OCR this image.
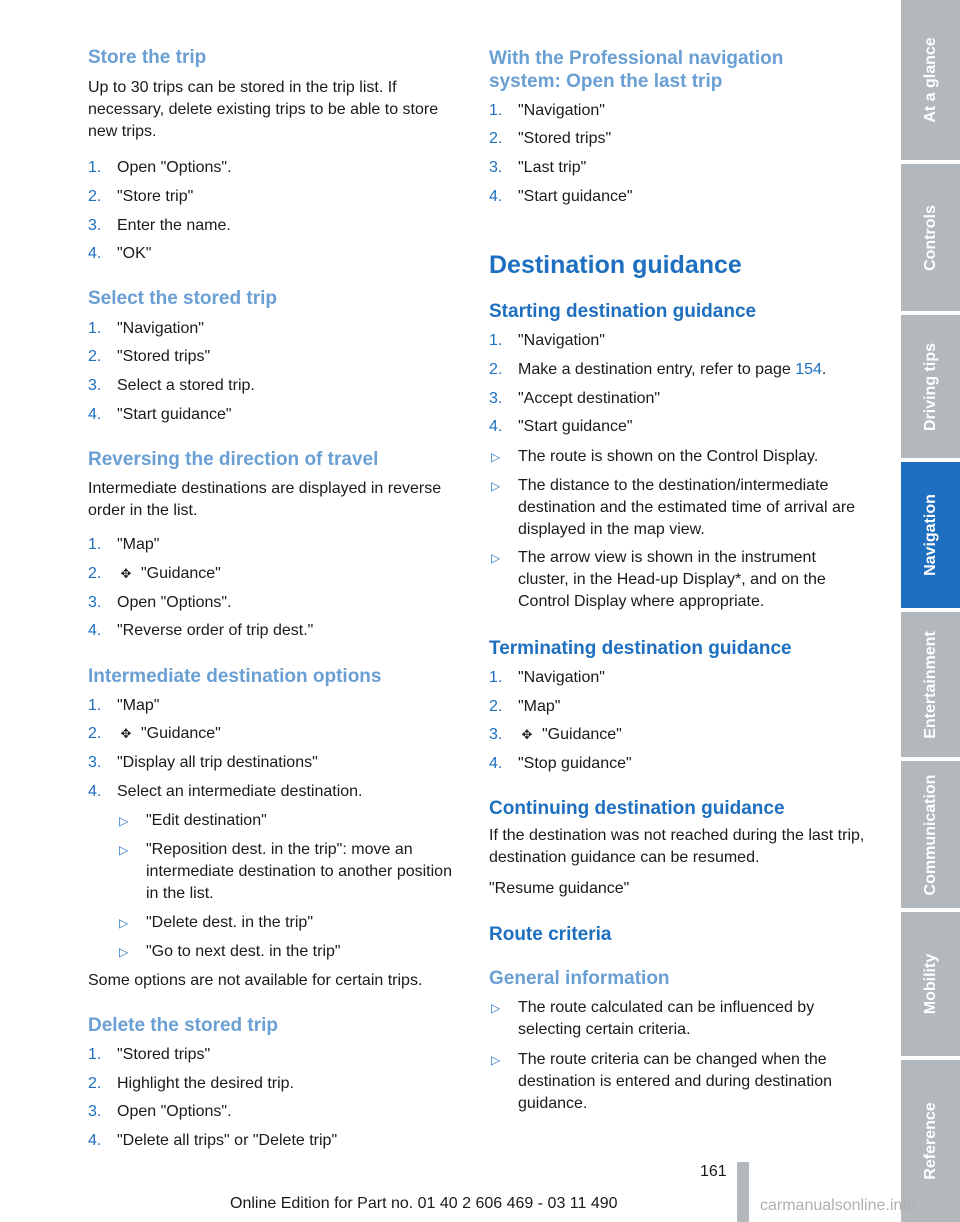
Store the trip

Up to 30 trips can be stored in the trip list. If necessary, delete existing trips to be able to store new trips.

1. Open "Options".
2. "Store trip"
3. Enter the name.
4. "OK"
Select the stored trip
1. "Navigation"
2. "Stored trips"
3. Select a stored trip.
4. "Start guidance"
Reversing the direction of travel

Intermediate destinations are displayed in reverse order in the list.

1. "Map"
2. ✥ "Guidance"
3. Open "Options".
4. "Reverse order of trip dest."
Intermediate destination options
1. "Map"
2. ✥ "Guidance"
3. "Display all trip destinations"
4. Select an intermediate destination.
▷ "Edit destination"
▷ "Reposition dest. in the trip": move an intermediate destination to another position in the list.
▷ "Delete dest. in the trip"
▷ "Go to next dest. in the trip"

Some options are not available for certain trips.

Delete the stored trip
1. "Stored trips"
2. Highlight the desired trip.
3. Open "Options".
4. "Delete all trips" or "Delete trip"
With the Professional navigation system: Open the last trip
1. "Navigation"
2. "Stored trips"
3. "Last trip"
4. "Start guidance"
Destination guidance
Starting destination guidance
1. "Navigation"
2. Make a destination entry, refer to page 154.
3. "Accept destination"
4. "Start guidance"
▷ The route is shown on the Control Display.
▷ The distance to the destination/intermediate destination and the estimated time of arrival are displayed in the map view.
▷ The arrow view is shown in the instrument cluster, in the Head-up Display*, and on the Control Display where appropriate.
Terminating destination guidance
1. "Navigation"
2. "Map"
3. ✥ "Guidance"
4. "Stop guidance"
Continuing destination guidance

If the destination was not reached during the last trip, destination guidance can be resumed.

"Resume guidance"

Route criteria
General information
▷ The route calculated can be influenced by selecting certain criteria.
▷ The route criteria can be changed when the destination is entered and during destination guidance.
At a glance
Controls
Driving tips
Navigation
Entertainment
Communication
Mobility
Reference
161
Online Edition for Part no. 01 40 2 606 469 - 03 11 490	carmanualsonline.info
